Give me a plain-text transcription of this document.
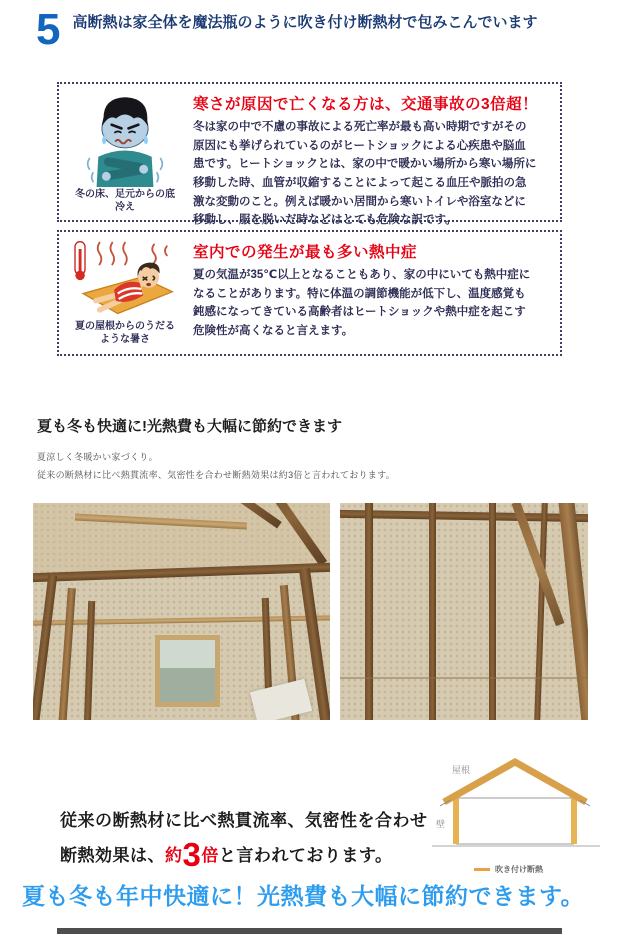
5 高断熱は家全体を魔法瓶のように吹き付け断熱材で包みこんでいます

冬の床、足元からの底冷え

寒さが原因で亡くなる方は、交通事故の3倍超！

冬は家の中で不慮の事故による死亡率が最も高い時期ですがその原因にも挙げられているのがヒートショックによる心疾患や脳血患です。ヒートショックとは、家の中で暖かい場所から寒い場所に移動した時、血管が収縮することによって起こる血圧や脈拍の急激な変動のこと。例えば暖かい居間から寒いトイレや浴室などに移動し、服を脱いだ時などはとても危険な訳です。

夏の屋根からのうだるような暑さ

室内での発生が最も多い熱中症

夏の気温が35℃以上となることもあり、家の中にいても熱中症になることがあります。特に体温の調節機能が低下し、温度感覚も鈍感になってきている高齢者はヒートショックや熱中症を起こす危険性が高くなると言えます。

夏も冬も快適に!光熱費も大幅に節約できます

夏涼しく冬暖かい家づくり。

従来の断熱材に比べ熱貫流率、気密性を合わせ断熱効果は約3倍と言われております。

従来の断熱材に比べ熱貫流率、気密性を合わせ

断熱効果は、約3倍と言われております。

屋根
壁
吹き付け断熱

夏も冬も年中快適に！光熱費も大幅に節約できます。
